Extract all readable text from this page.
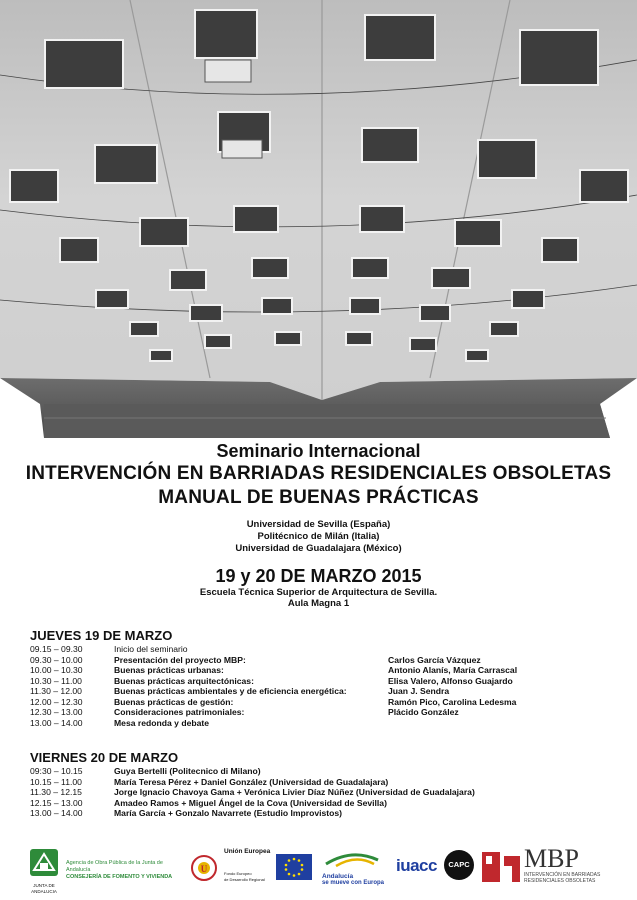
Seminario Internacional

INTERVENCIÓN EN BARRIADAS RESIDENCIALES OBSOLETAS

MANUAL DE BUENAS PRÁCTICAS

Universidad de Sevilla (España)
Politécnico de Milán (Italia)
Universidad de Guadalajara (México)
19 y 20 DE MARZO 2015
Escuela Técnica Superior de Arquitectura de Sevilla.
Aula Magna 1
JUEVES 19 DE MARZO
09.15 – 09.30	Inicio del seminario
09.30 – 10.00	Presentación del proyecto MBP:	Carlos García Vázquez
10.00 – 10.30	Buenas prácticas urbanas:	Antonio Alanís, María Carrascal
10.30 – 11.00	Buenas prácticas arquitectónicas:	Elisa Valero, Alfonso Guajardo
11.30 – 12.00	Buenas prácticas ambientales y de eficiencia energética:	Juan J. Sendra
12.00 – 12.30	Buenas prácticas de gestión:	Ramón Pico, Carolina Ledesma
12.30 – 13.00	Consideraciones patrimoniales:	Plácido González
13.00 – 14.00	Mesa redonda y debate
VIERNES 20 DE MARZO
09:30 – 10.15	Guya Bertelli (Politecnico di Milano)
10.15 – 11.00	María Teresa Pérez + Daniel González (Universidad de Guadalajara)
11.30 – 12.15	Jorge Ignacio Chavoya Gama + Verónica Livier Díaz Núñez (Universidad de Guadalajara)
12.15 – 13.00	Amadeo Ramos + Miguel Ángel de la Cova (Universidad de Sevilla)
13.00 – 14.00	María García + Gonzalo Navarrete (Estudio Improvistos)
JUNTA DE ANDALUCIA
Agencia de Obra Pública de la Junta de Andalucía
CONSEJERÍA DE FOMENTO Y VIVIENDA
U
Unión Europea
Fondo Europeo
de Desarrollo Regional	Andalucía
se mueve con Europa
iuacc	CAPC MBP
INTERVENCIÓN EN BARRIADAS
RESIDENCIALES OBSOLETAS
